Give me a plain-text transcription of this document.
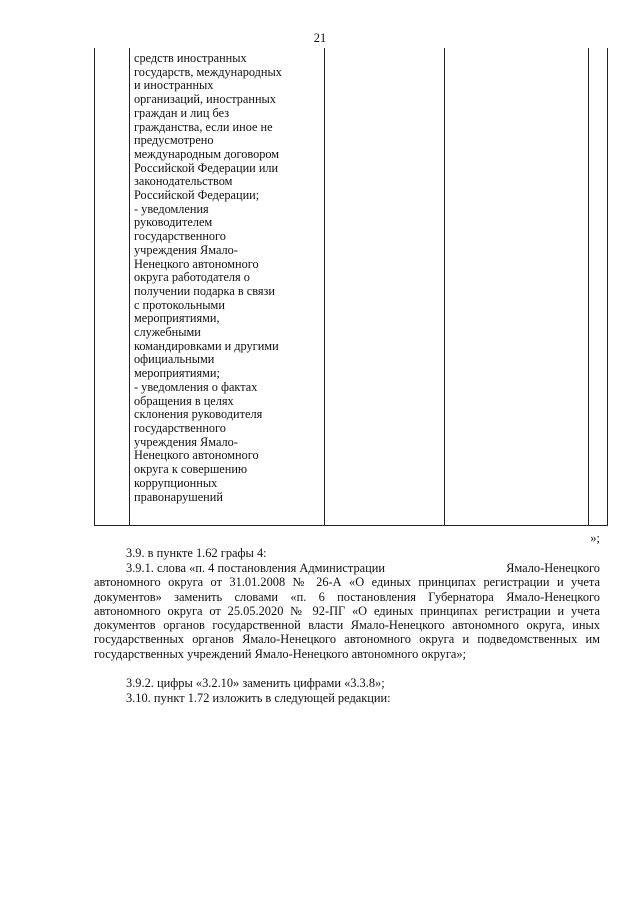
21
средств иностранных
государств, международных
и иностранных
организаций, иностранных
граждан и лиц без
гражданства, если иное не
предусмотрено
международным договором
Российской Федерации или
законодательством
Российской Федерации;
- уведомления
руководителем
государственного
учреждения Ямало-
Ненецкого автономного
округа работодателя о
получении подарка в связи
с протокольными
мероприятиями,
служебными
командировками и другими
официальными
мероприятиями;
- уведомления о фактах
обращения в целях
склонения руководителя
государственного
учреждения Ямало-
Ненецкого автономного
округа к совершению
коррупционных
правонарушений
»;
3.9. в пункте 1.62 графы 4:
3.9.1. слова «п. 4 постановления Администрации	Ямало-Ненецкого
автономного округа от 31.01.2008 № 26-А «О единых принципах регистрации и учета документов» заменить словами «п. 6 постановления Губернатора Ямало-Ненецкого автономного округа от 25.05.2020 № 92-ПГ «О единых принципах регистрации и учета документов органов государственной власти Ямало-Ненецкого автономного округа, иных государственных органов Ямало-Ненецкого автономного округа и подведомственных им государственных учреждений Ямало-Ненецкого автономного округа»;
3.9.2. цифры «3.2.10» заменить цифрами «3.3.8»;
3.10. пункт 1.72 изложить в следующей редакции:
